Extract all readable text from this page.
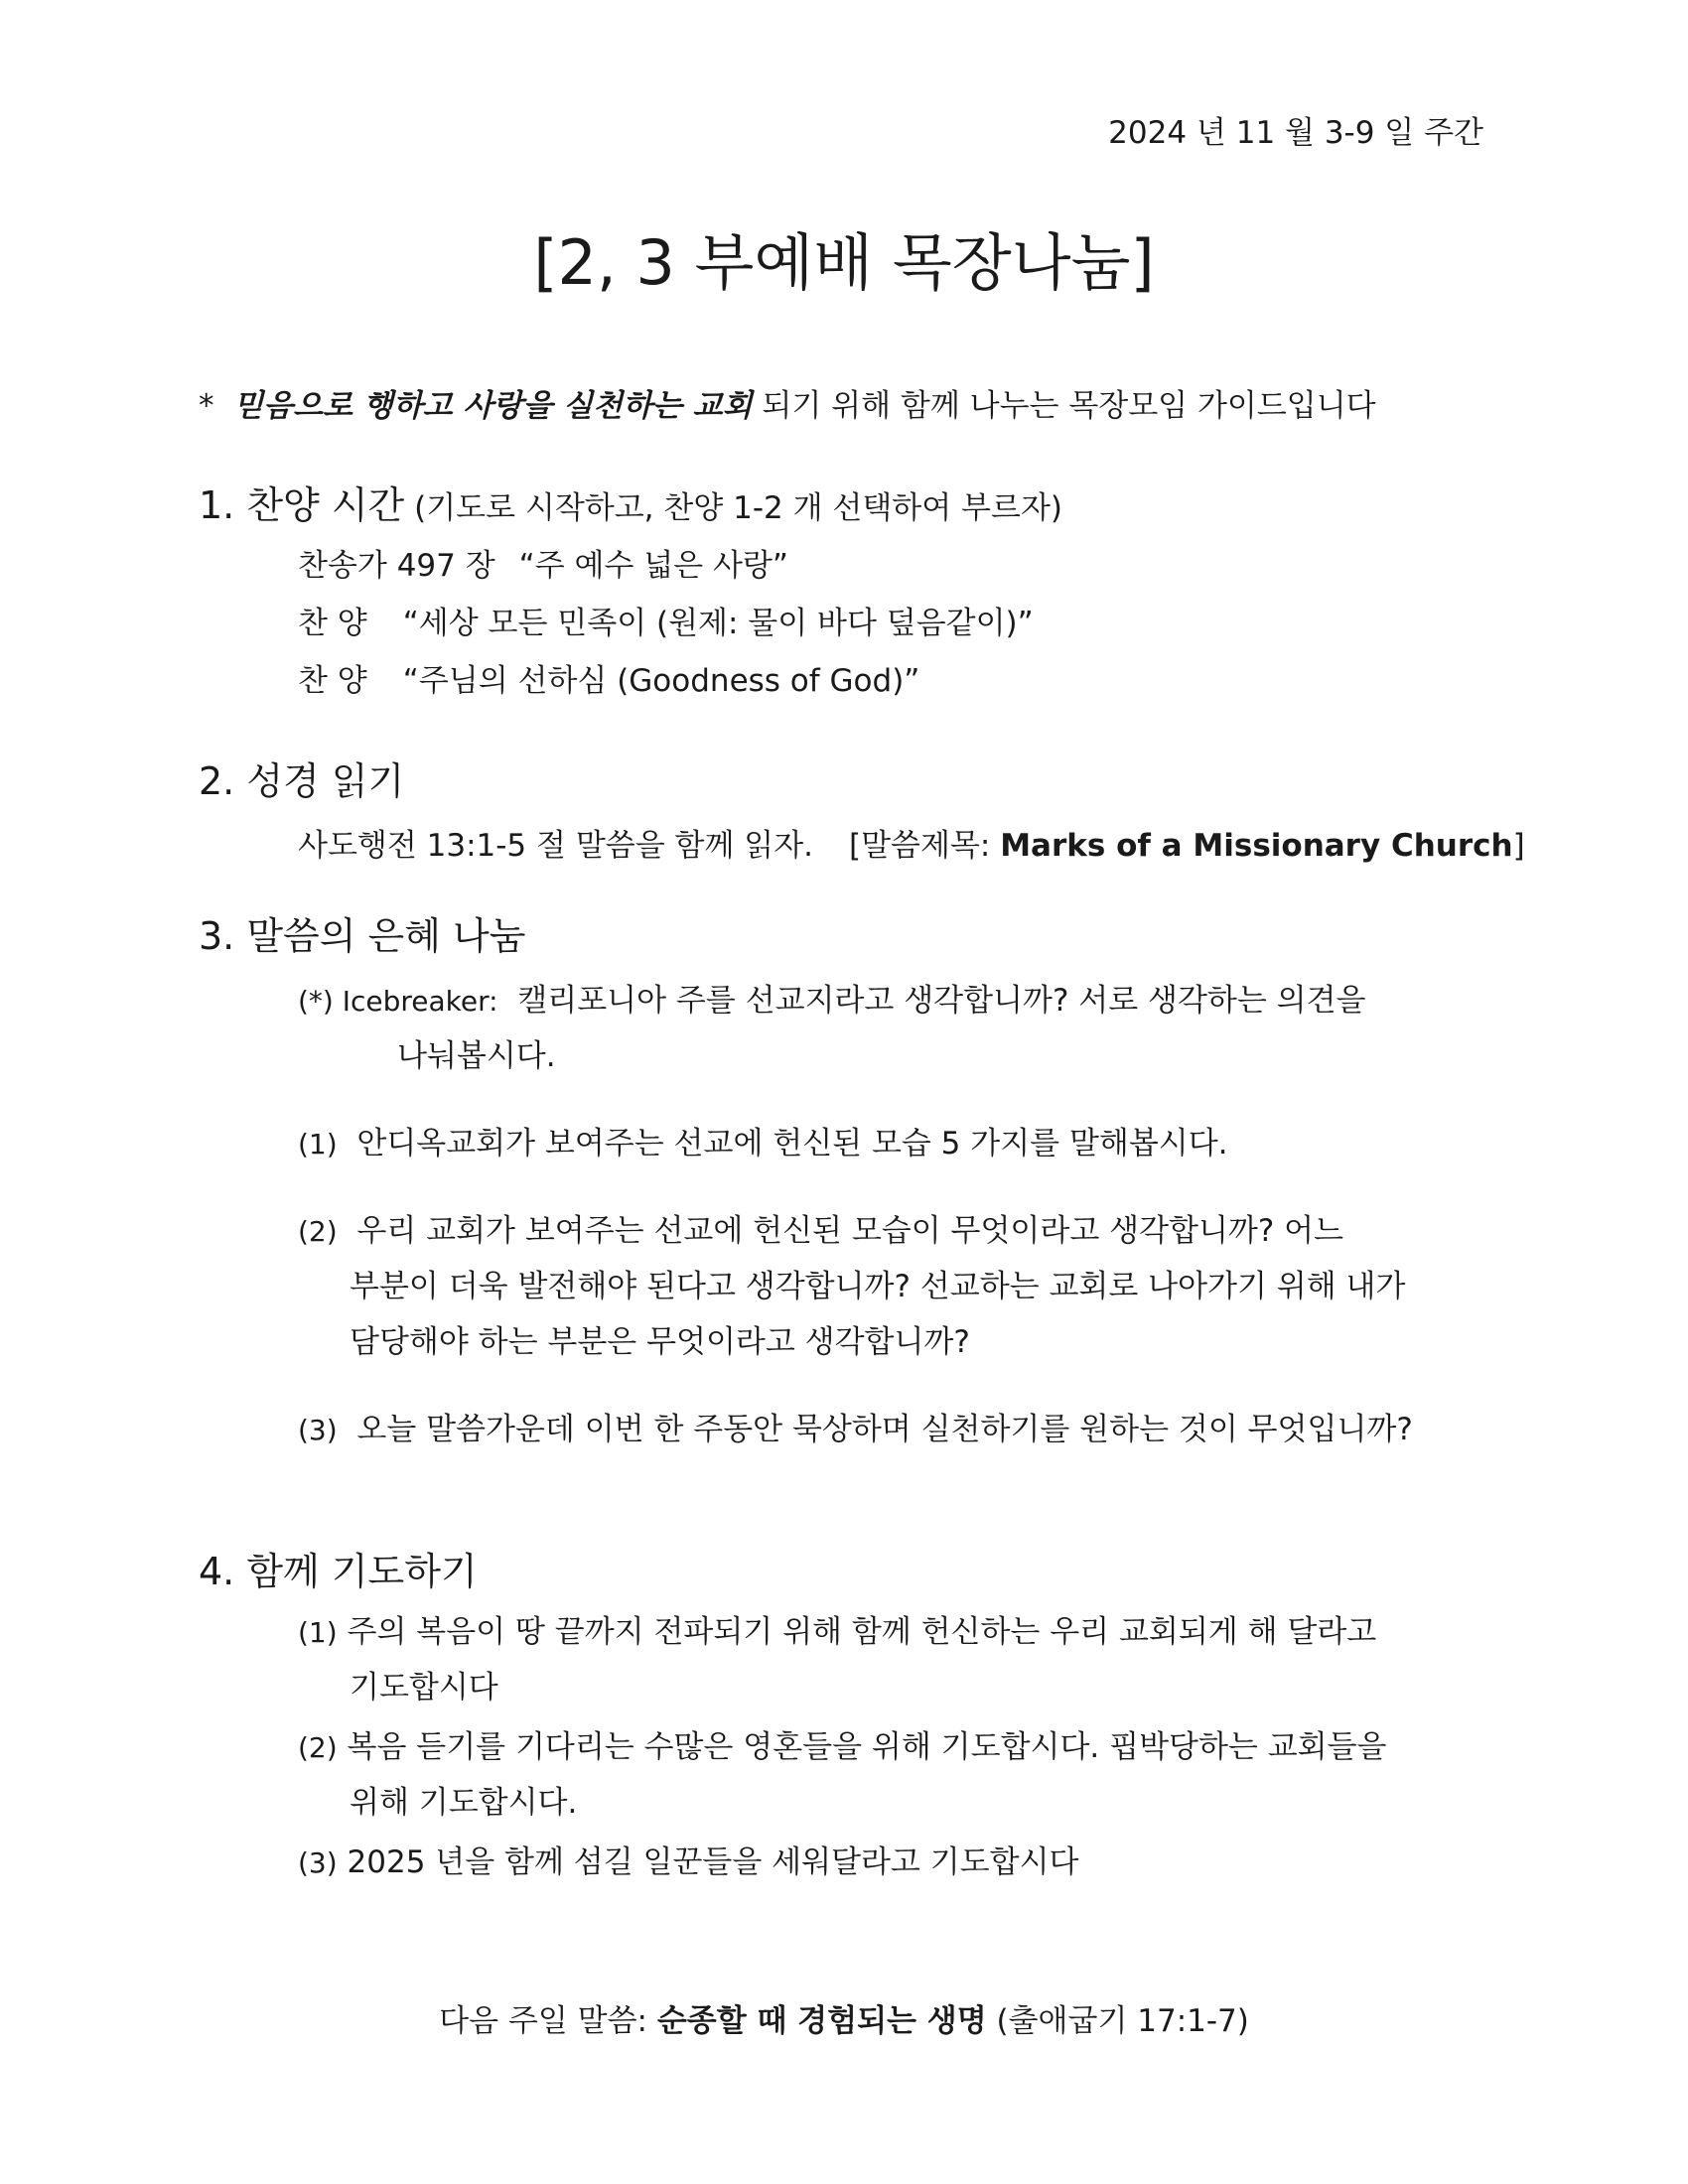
2024 년 11 월 3-9 일 주간
[2, 3 부예배 목장나눔]
* 믿음으로 행하고 사랑을 실천하는 교회 되기 위해 함께 나누는 목장모임 가이드입니다
1. 찬양 시간 (기도로 시작하고, 찬양 1-2 개 선택하여 부르자)
찬송가 497 장 “주 예수 넓은 사랑”
찬 양 “세상 모든 민족이 (원제: 물이 바다 덮음같이)”
찬 양 “주님의 선하심 (Goodness of God)”
2. 성경 읽기
사도행전 13:1-5 절 말씀을 함께 읽자. [말씀제목: Marks of a Missionary Church]
3. 말씀의 은혜 나눔
(*) Icebreaker: 캘리포니아 주를 선교지라고 생각합니까? 서로 생각하는 의견을
나눠봅시다.
(1) 안디옥교회가 보여주는 선교에 헌신된 모습 5 가지를 말해봅시다.
(2) 우리 교회가 보여주는 선교에 헌신된 모습이 무엇이라고 생각합니까? 어느
부분이 더욱 발전해야 된다고 생각합니까? 선교하는 교회로 나아가기 위해 내가
담당해야 하는 부분은 무엇이라고 생각합니까?
(3) 오늘 말씀가운데 이번 한 주동안 묵상하며 실천하기를 원하는 것이 무엇입니까?
4. 함께 기도하기
(1) 주의 복음이 땅 끝까지 전파되기 위해 함께 헌신하는 우리 교회되게 해 달라고
기도합시다
(2) 복음 듣기를 기다리는 수많은 영혼들을 위해 기도합시다. 핍박당하는 교회들을
위해 기도합시다.
(3) 2025 년을 함께 섬길 일꾼들을 세워달라고 기도합시다
다음 주일 말씀: 순종할 때 경험되는 생명 (출애굽기 17:1-7)
